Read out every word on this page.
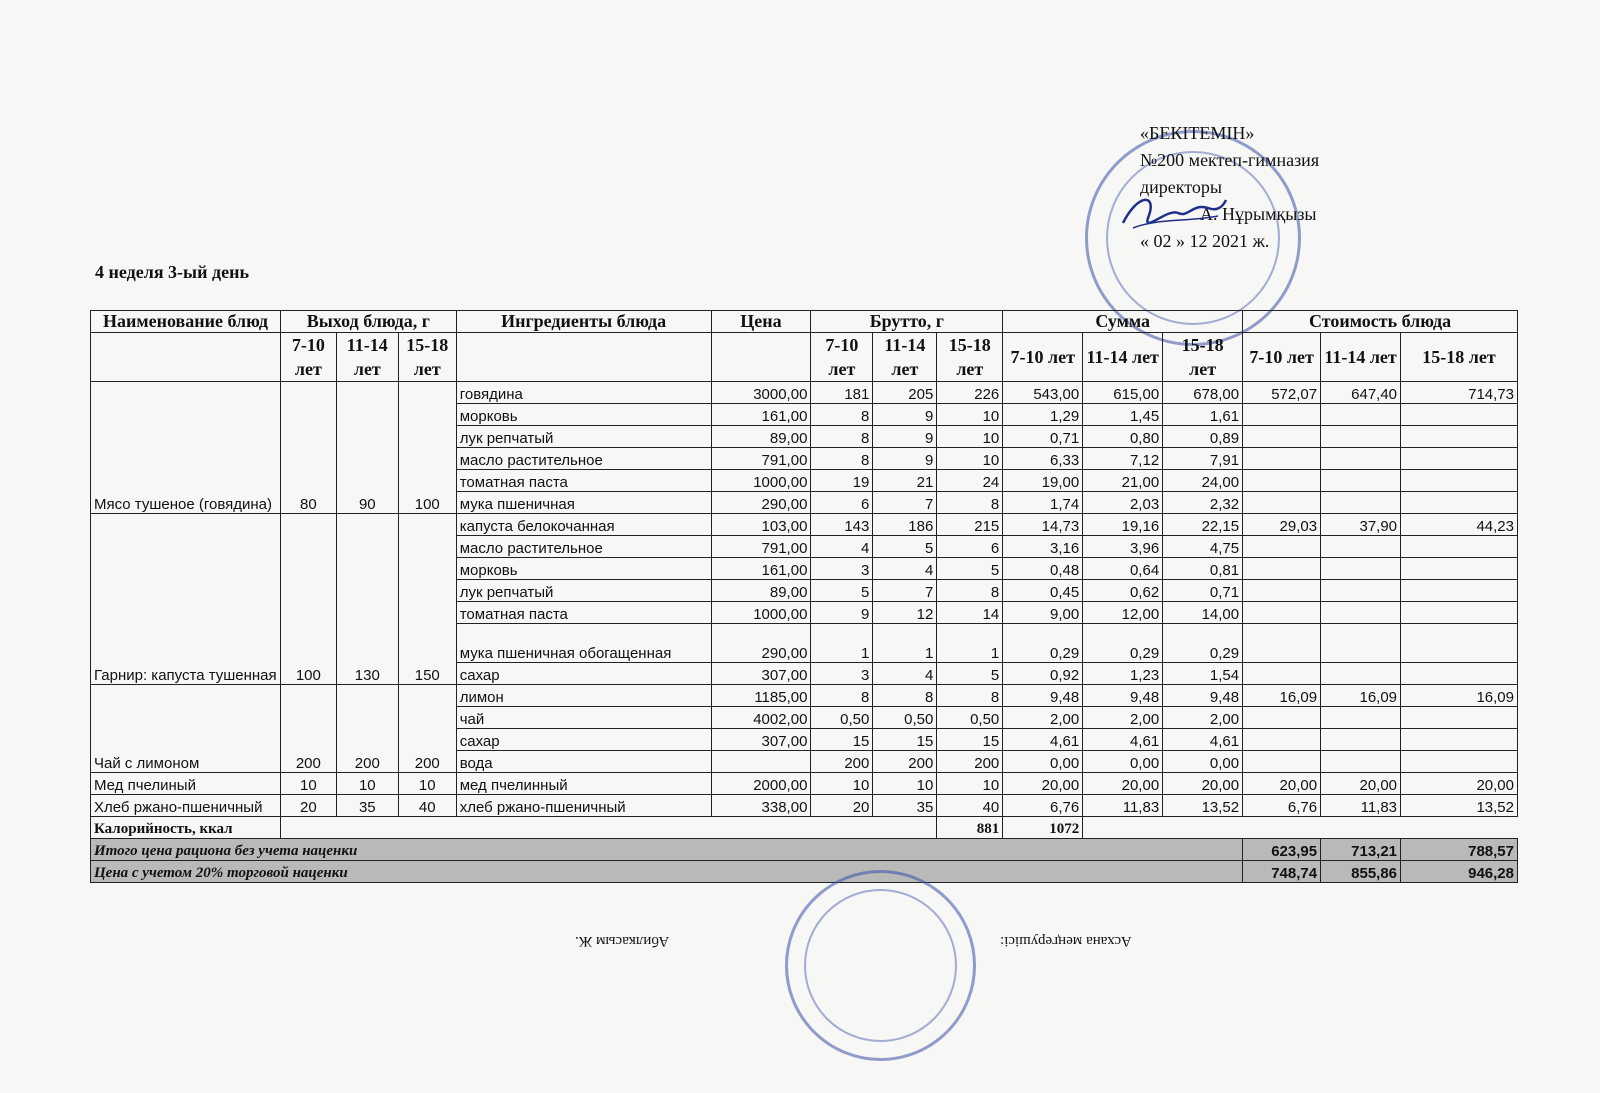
«БЕКІТЕМІН»
№200 мектеп-гимназия
директоры
А. Нұрымқызы
« 02 » 12 2021 ж.
4 неделя 3-ый день
Наименование блюд	Выход блюда, г			Ингредиенты блюда	Цена	Брутто, г			Сумма			Стоимость блюда		
	7-10 лет	11-14 лет	15-18 лет			7-10 лет	11-14 лет	15-18 лет	7-10 лет	11-14 лет	15-18 лет	7-10 лет	11-14 лет	15-18 лет
Мясо тушеное (говядина)	80	90	100	говядина	3000,00	181	205	226	543,00	615,00	678,00	572,07	647,40	714,73
				морковь	161,00	8	9	10	1,29	1,45	1,61			
				лук репчатый	89,00	8	9	10	0,71	0,80	0,89			
				масло растительное	791,00	8	9	10	6,33	7,12	7,91			
				томатная паста	1000,00	19	21	24	19,00	21,00	24,00			
				мука пшеничная	290,00	6	7	8	1,74	2,03	2,32			
Гарнир: капуста тушенная	100	130	150	капуста белокочанная	103,00	143	186	215	14,73	19,16	22,15	29,03	37,90	44,23
				масло растительное	791,00	4	5	6	3,16	3,96	4,75			
				морковь	161,00	3	4	5	0,48	0,64	0,81			
				лук репчатый	89,00	5	7	8	0,45	0,62	0,71			
				томатная паста	1000,00	9	12	14	9,00	12,00	14,00			
				мука пшеничная обогащенная	290,00	1	1	1	0,29	0,29	0,29			
				сахар	307,00	3	4	5	0,92	1,23	1,54			
Чай с лимоном	200	200	200	лимон	1185,00	8	8	8	9,48	9,48	9,48	16,09	16,09	16,09
				чай	4002,00	0,50	0,50	0,50	2,00	2,00	2,00			
				сахар	307,00	15	15	15	4,61	4,61	4,61			
				вода		200	200	200	0,00	0,00	0,00			
Мед пчелиный	10	10	10	мед пчелинный	2000,00	10	10	10	20,00	20,00	20,00	20,00	20,00	20,00
Хлеб ржано-пшеничный	20	35	40	хлеб ржано-пшеничный	338,00	20	35	40	6,76	11,83	13,52	6,76	11,83	13,52
Калорийность, ккал								881	1072					
Итого цена рациона без учета наценки												623,95	713,21	788,57
Цена с учетом 20% торговой наценки												748,74	855,86	946,28
Абилкасым Ж.	Асхана меңгерушісі:
